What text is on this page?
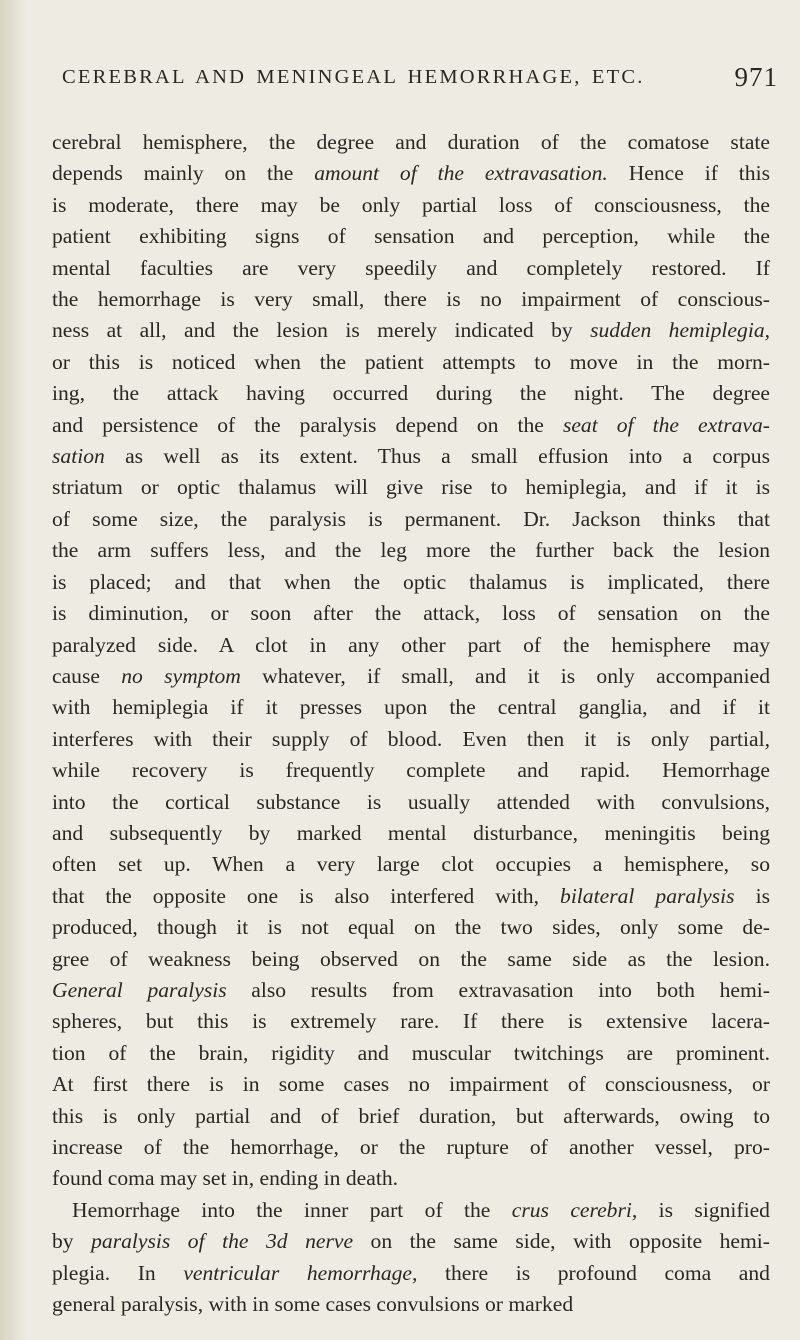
CEREBRAL AND MENINGEAL HEMORRHAGE, ETC.	971
cerebral hemisphere, the degree and duration of the comatose state
depends mainly on the amount of the extravasation. Hence if this
is moderate, there may be only partial loss of consciousness, the
patient exhibiting signs of sensation and perception, while the
mental faculties are very speedily and completely restored. If
the hemorrhage is very small, there is no impairment of conscious-
ness at all, and the lesion is merely indicated by sudden hemiplegia,
or this is noticed when the patient attempts to move in the morn-
ing, the attack having occurred during the night. The degree
and persistence of the paralysis depend on the seat of the extrava-
sation as well as its extent. Thus a small effusion into a corpus
striatum or optic thalamus will give rise to hemiplegia, and if it is
of some size, the paralysis is permanent. Dr. Jackson thinks that
the arm suffers less, and the leg more the further back the lesion
is placed; and that when the optic thalamus is implicated, there
is diminution, or soon after the attack, loss of sensation on the
paralyzed side. A clot in any other part of the hemisphere may
cause no symptom whatever, if small, and it is only accompanied
with hemiplegia if it presses upon the central ganglia, and if it
interferes with their supply of blood. Even then it is only partial,
while recovery is frequently complete and rapid. Hemorrhage
into the cortical substance is usually attended with convulsions,
and subsequently by marked mental disturbance, meningitis being
often set up. When a very large clot occupies a hemisphere, so
that the opposite one is also interfered with, bilateral paralysis is
produced, though it is not equal on the two sides, only some de-
gree of weakness being observed on the same side as the lesion.
General paralysis also results from extravasation into both hemi-
spheres, but this is extremely rare. If there is extensive lacera-
tion of the brain, rigidity and muscular twitchings are prominent.
At first there is in some cases no impairment of consciousness, or
this is only partial and of brief duration, but afterwards, owing to
increase of the hemorrhage, or the rupture of another vessel, pro-
found coma may set in, ending in death.
Hemorrhage into the inner part of the crus cerebri, is signified
by paralysis of the 3d nerve on the same side, with opposite hemi-
plegia. In ventricular hemorrhage, there is profound coma and
general paralysis, with in some cases convulsions or marked
